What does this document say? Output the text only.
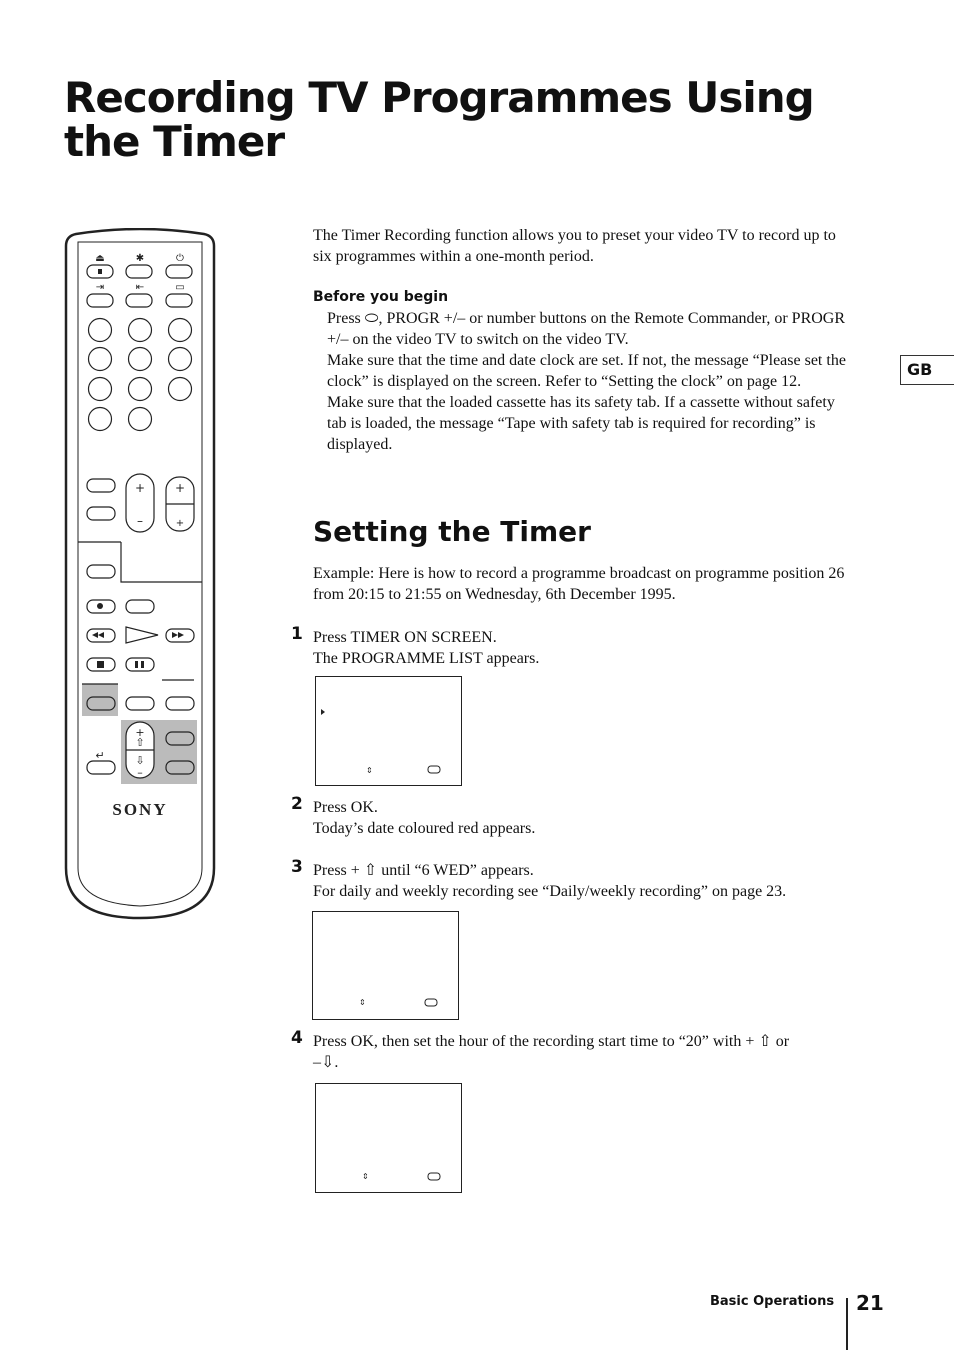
Recording TV Programmes Using
the Timer
GB
⏏	✱	⏻
⇥	⇤	▭
+
–
+
+
+
⇧
⇩
–
↵
SONY
The Timer Recording function allows you to preset your video TV to record up to six programmes within a one-month period.
Before you begin

Press ⬭, PROGR +/– or number buttons on the Remote Commander, or PROGR +/– on the video TV to switch on the video TV.

Make sure that the time and date clock are set. If not, the message “Please set the clock” is displayed on the screen. Refer to “Setting the clock” on page 12.

Make sure that the loaded cassette has its safety tab. If a cassette without safety tab is loaded, the message “Tape with safety tab is required for recording” is displayed.

Setting the Timer
Example: Here is how to record a programme broadcast on programme position 26 from 20:15 to 21:55 on Wednesday, 6th December 1995.
1 Press TIMER ON SCREEN.
The PROGRAMME LIST appears.
⇕
2 Press OK.
Today’s date coloured red appears.
3 Press + ⇧ until “6 WED” appears.
For daily and weekly recording see “Daily/weekly recording” on page 23.
⇕
4 Press OK, then set the hour of the recording start time to “20” with + ⇧ or
–⇩.
⇕
Basic Operations 21
